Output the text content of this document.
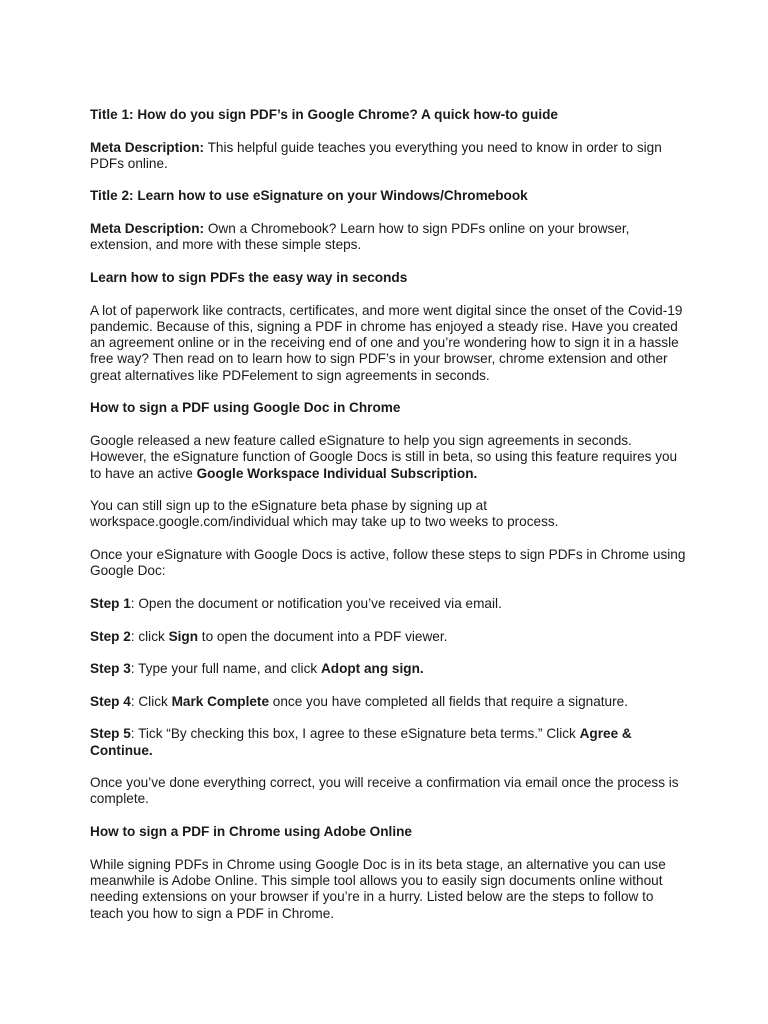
Title 1: How do you sign PDF’s in Google Chrome? A quick how-to guide

Meta Description: This helpful guide teaches you everything you need to know in order to sign PDFs online.

Title 2: Learn how to use eSignature on your Windows/Chromebook

Meta Description: Own a Chromebook? Learn how to sign PDFs online on your browser, extension, and more with these simple steps.

Learn how to sign PDFs the easy way in seconds

A lot of paperwork like contracts, certificates, and more went digital since the onset of the Covid-19 pandemic. Because of this, signing a PDF in chrome has enjoyed a steady rise. Have you created an agreement online or in the receiving end of one and you’re wondering how to sign it in a hassle free way? Then read on to learn how to sign PDF’s in your browser, chrome extension and other great alternatives like PDFelement to sign agreements in seconds.

How to sign a PDF using Google Doc in Chrome

Google released a new feature called eSignature to help you sign agreements in seconds. However, the eSignature function of Google Docs is still in beta, so using this feature requires you to have an active Google Workspace Individual Subscription.

You can still sign up to the eSignature beta phase by signing up at workspace.google.com/individual which may take up to two weeks to process.

Once your eSignature with Google Docs is active, follow these steps to sign PDFs in Chrome using Google Doc:

Step 1: Open the document or notification you’ve received via email.

Step 2: click Sign to open the document into a PDF viewer.

Step 3: Type your full name, and click Adopt ang sign.

Step 4: Click Mark Complete once you have completed all fields that require a signature.

Step 5: Tick “By checking this box, I agree to these eSignature beta terms.” Click Agree & Continue.

Once you’ve done everything correct, you will receive a confirmation via email once the process is complete.

How to sign a PDF in Chrome using Adobe Online

While signing PDFs in Chrome using Google Doc is in its beta stage, an alternative you can use meanwhile is Adobe Online. This simple tool allows you to easily sign documents online without needing extensions on your browser if you’re in a hurry. Listed below are the steps to follow to teach you how to sign a PDF in Chrome.
